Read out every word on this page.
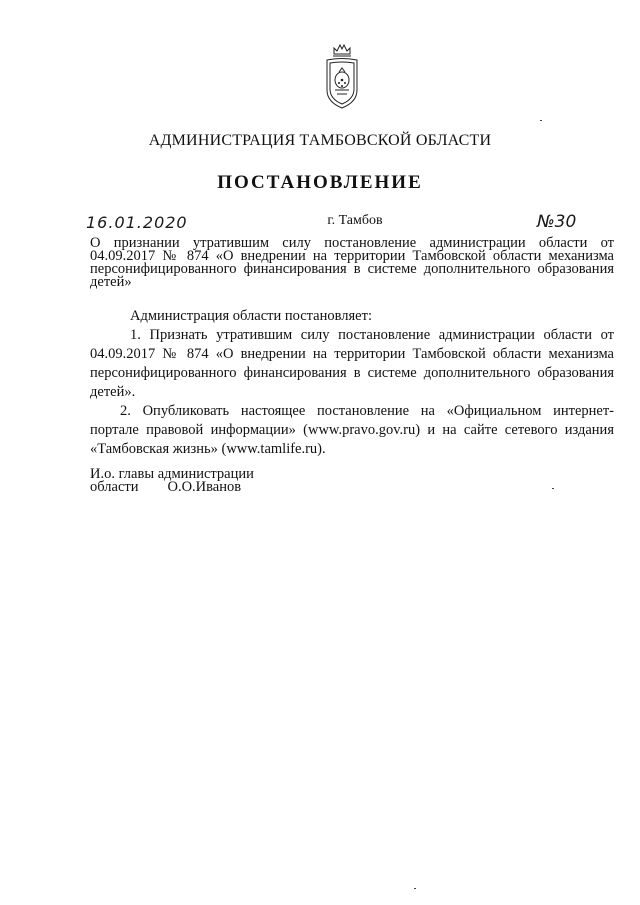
АДМИНИСТРАЦИЯ ТАМБОВСКОЙ ОБЛАСТИ
ПОСТАНОВЛЕНИЕ
16.01.2020	г. Тамбов	№30
О признании утратившим силу постановление администрации области от 04.09.2017 № 874 «О внедрении на территории Тамбовской области механизма персонифицированного финансирования в системе дополнительного образования детей»

Администрация области постановляет:

1. Признать утратившим силу постановление администрации области от 04.09.2017 № 874 «О внедрении на территории Тамбовской области механизма персонифицированного финансирования в системе дополнительного образования детей».

2. Опубликовать настоящее постановление на «Официальном интернет-портале правовой информации» (www.pravo.gov.ru) и на сайте сетевого издания «Тамбовская жизнь» (www.tamlife.ru).

И.о. главы администрации
области О.О.Иванов
